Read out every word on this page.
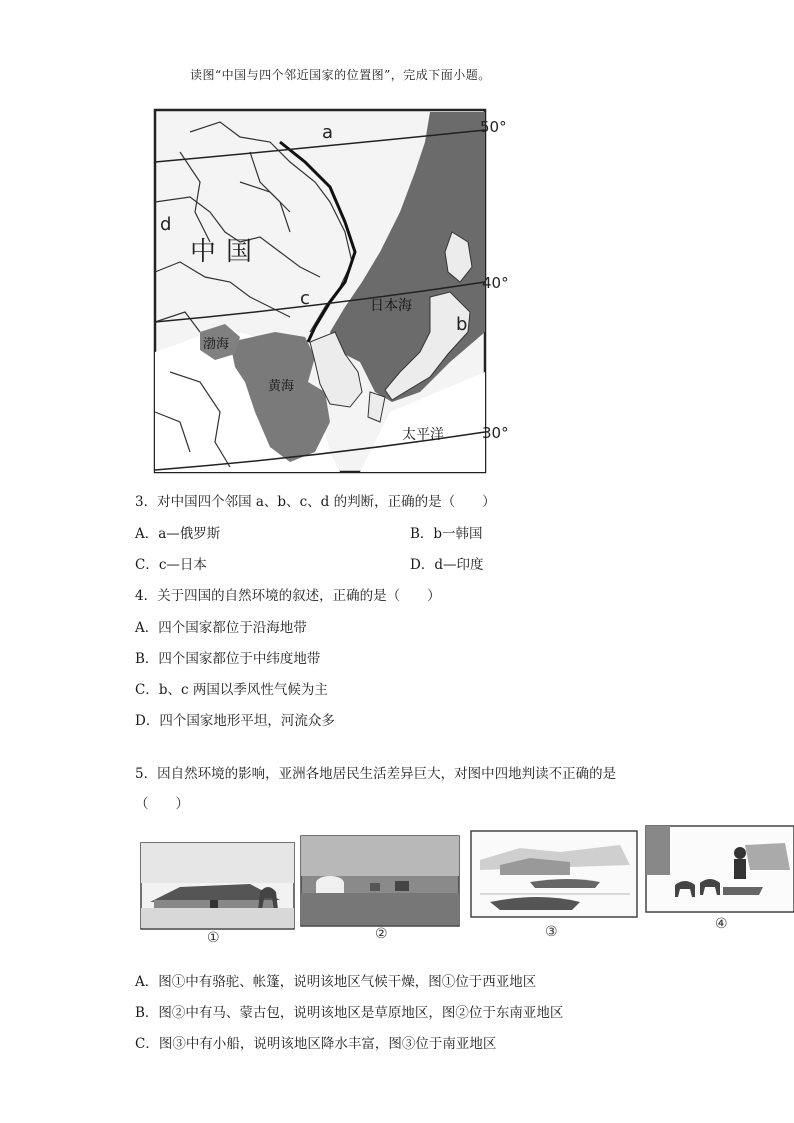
读图“中国与四个邻近国家的位置图”，完成下面小题。
a
b
c
d
中国
日本海
渤海
黄海
太平洋
50°
40°
30°
3．对中国四个邻国 a、b、c、d 的判断，正确的是（　　）
A．a—俄罗斯	B．b一韩国
C．c—日本	D．d—印度
4．关于四国的自然环境的叙述，正确的是（　　）
A．四个国家都位于沿海地带
B．四个国家都位于中纬度地带
C．b、c 两国以季风性气候为主
D．四个国家地形平坦，河流众多
5．因自然环境的影响，亚洲各地居民生活差异巨大，对图中四地判读不正确的是
（　　）
①	②	③	④
A．图①中有骆驼、帐篷，说明该地区气候干燥，图①位于西亚地区
B．图②中有马、蒙古包，说明该地区是草原地区，图②位于东南亚地区
C．图③中有小船，说明该地区降水丰富，图③位于南亚地区
